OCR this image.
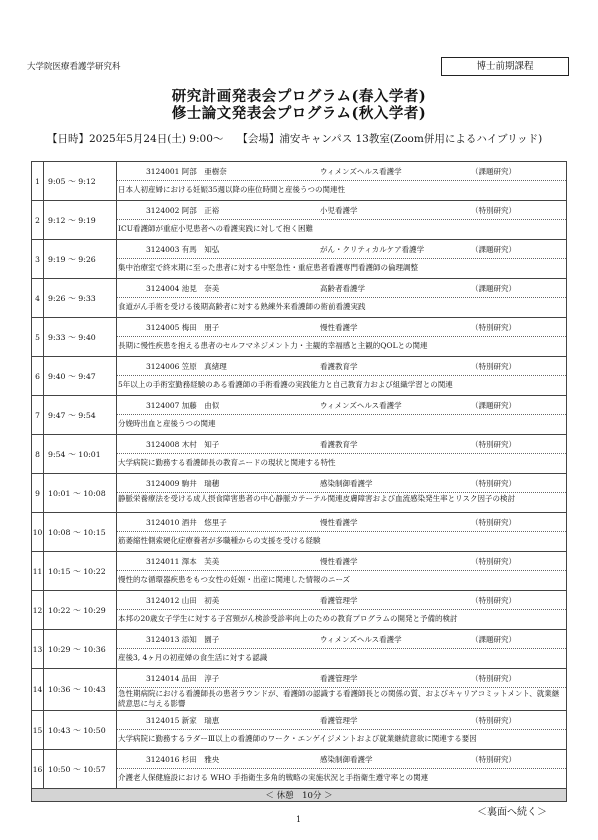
大学院医療看護学研究科	博士前期課程
研究計画発表会プログラム(春入学者)
修士論文発表会プログラム(秋入学者)
【日時】2025年5月24日(土) 9:00～ 【会場】浦安キャンパス 13教室(Zoom併用によるハイブリッド)
1	9:05 ～ 9:12	3124001 阿部　亜樹奈 ウィメンズヘルス看護学 （課題研究）
日本人初産婦における妊娠35週以降の座位時間と産後うつの関連性

2	9:12 ～ 9:19	3124002 阿部　正裕 小児看護学 （特別研究）
ICU看護師が重症小児患者への看護実践に対して抱く困難

3	9:19 ～ 9:26	3124003 有馬　知弘 がん・クリティカルケア看護学 （課題研究）
集中治療室で終末期に至った患者に対する中堅急性・重症患者看護専門看護師の倫理調整

4	9:26 ～ 9:33	3124004 池見　奈美 高齢者看護学 （課題研究）
食道がん手術を受ける後期高齢者に対する熟練外来看護師の術前看護実践

5	9:33 ～ 9:40	3124005 梅田　朋子 慢性看護学 （特別研究）
長期に慢性疾患を抱える患者のセルフマネジメント力・主観的幸福感と主観的QOLとの関連

6	9:40 ～ 9:47	3124006 笠原　真緒理 看護教育学 （特別研究）
5年以上の手術室勤務経験のある看護師の手術看護の実践能力と自己教育力および組織学習との関連

7	9:47 ～ 9:54	3124007 加藤　由似 ウィメンズヘルス看護学 （課題研究）
分娩時出血と産後うつの関連

8	9:54 ～ 10:01	3124008 木村　知子 看護教育学 （特別研究）
大学病院に勤務する看護師長の教育ニードの現状と関連する特性

9	10:01 ～ 10:08	3124009 駒井　瑞穂 感染制御看護学 （特別研究）
静脈栄養療法を受ける成人摂食障害患者の中心静脈カテーテル関連皮膚障害および血流感染発生率とリスク因子の検討

10	10:08 ～ 10:15	3124010 酒井　悠里子 慢性看護学 （特別研究）
筋萎縮性側索硬化症療養者が多職種からの支援を受ける経験

11	10:15 ～ 10:22	3124011 澤本　芙美 慢性看護学 （特別研究）
慢性的な循環器疾患をもつ女性の妊娠・出産に関連した情報のニーズ

12	10:22 ～ 10:29	3124012 山田　初美 看護管理学 （特別研究）
本邦の20歳女子学生に対する子宮頸がん検診受診率向上のための教育プログラムの開発と予備的検討

13	10:29 ～ 10:36	3124013 添知　園子 ウィメンズヘルス看護学 （課題研究）
産後3, 4ヶ月の初産婦の食生活に対する認識

14	10:36 ～ 10:43	3124014 品田　淳子 看護管理学 （特別研究）
急性期病院における看護師長の患者ラウンドが、看護師の認識する看護師長との関係の質、およびキャリアコミットメント、就業継続意思に与える影響

15	10:43 ～ 10:50	3124015 新家　瑞恵 看護管理学 （特別研究）
大学病院に勤務するラダーⅢ以上の看護師のワーク・エンゲイジメントおよび就業継続意欲に関連する要因

16	10:50 ～ 10:57	3124016 杉田　雅央 感染制御看護学 （特別研究）
介護老人保健施設における WHO 手指衛生多角的戦略の実施状況と手指衛生遵守率との関連

＜ 休憩　10分 ＞		
＜裏面へ続く＞
1
